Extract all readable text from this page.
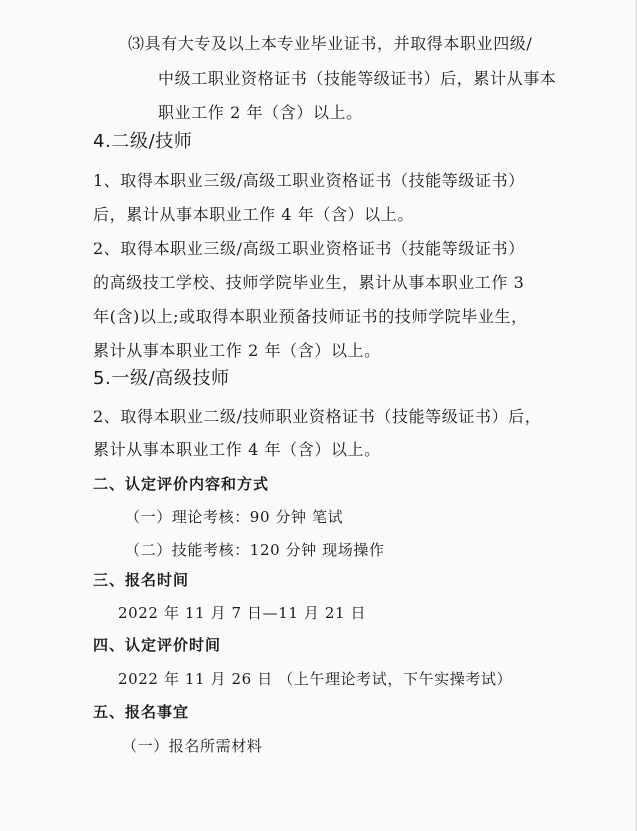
⑶具有大专及以上本专业毕业证书，并取得本职业四级/
中级工职业资格证书（技能等级证书）后，累计从事本
职业工作 2 年（含）以上。
4.二级/技师
1、取得本职业三级/高级工职业资格证书（技能等级证书）
后，累计从事本职业工作 4 年（含）以上。
2、取得本职业三级/高级工职业资格证书（技能等级证书）
的高级技工学校、技师学院毕业生，累计从事本职业工作 3
年(含)以上;或取得本职业预备技师证书的技师学院毕业生，
累计从事本职业工作 2 年（含）以上。
5.一级/高级技师
2、取得本职业二级/技师职业资格证书（技能等级证书）后，
累计从事本职业工作 4 年（含）以上。
二、认定评价内容和方式
（一）理论考核：90 分钟 笔试
（二）技能考核：120 分钟 现场操作
三、报名时间
2022 年 11 月 7 日—11 月 21 日
四、认定评价时间
2022 年 11 月 26 日 （上午理论考试，下午实操考试）
五、报名事宜
（一）报名所需材料
